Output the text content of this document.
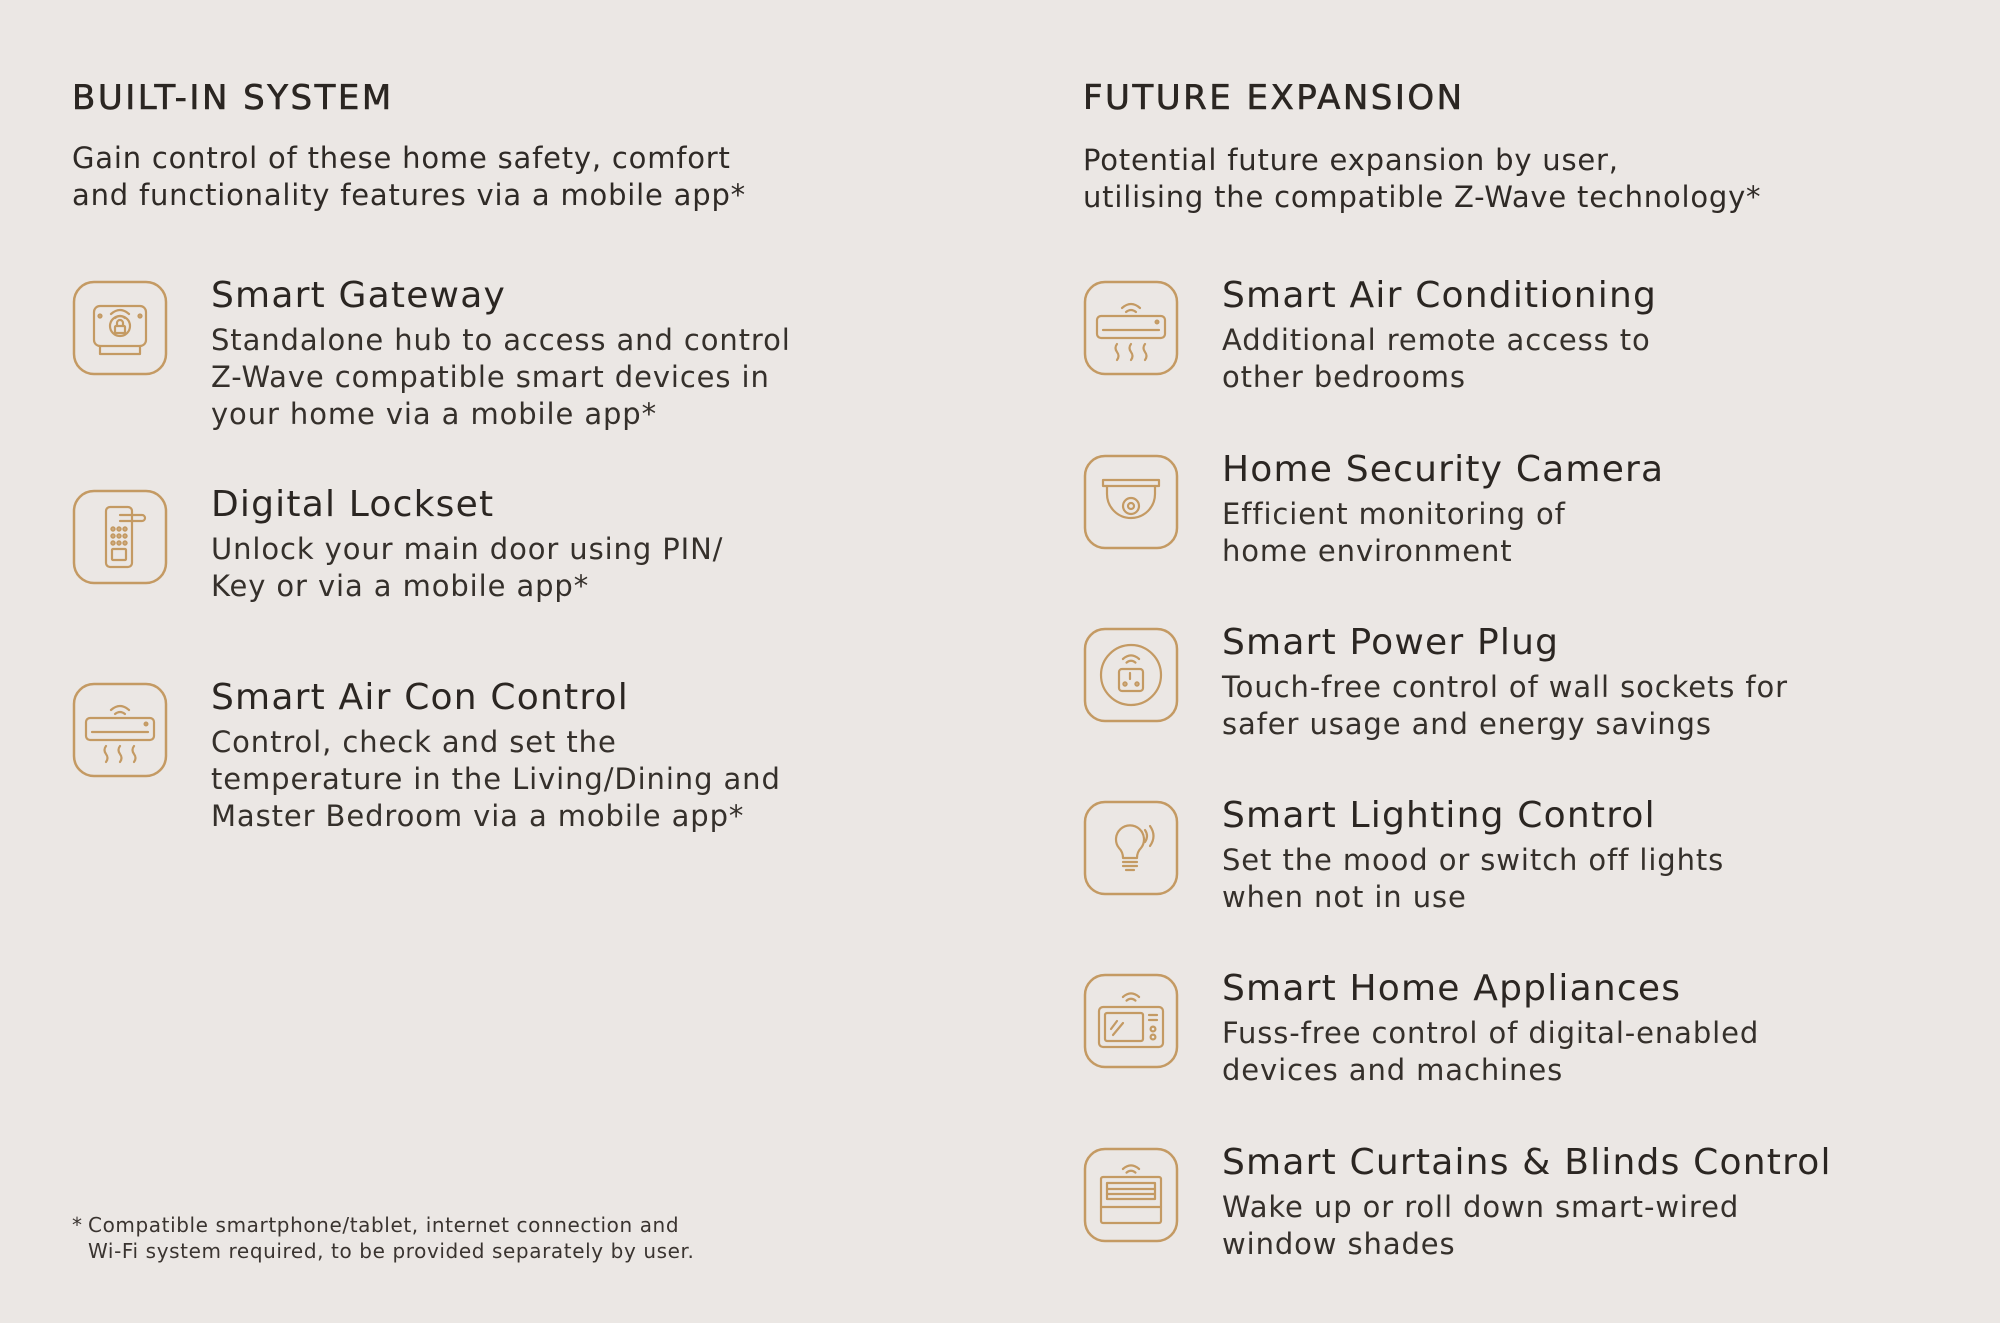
BUILT-IN SYSTEM
Gain control of these home safety, comfort
and functionality features via a mobile app*
Smart Gateway
Standalone hub to access and control
Z-Wave compatible smart devices in
your home via a mobile app*
Digital Lockset
Unlock your main door using PIN/
Key or via a mobile app*
Smart Air Con Control
Control, check and set the
temperature in the Living/Dining and
Master Bedroom via a mobile app*
FUTURE EXPANSION
Potential future expansion by user,
utilising the compatible Z-Wave technology*
Smart Air Conditioning
Additional remote access to
other bedrooms
Home Security Camera
Efficient monitoring of
home environment
Smart Power Plug
Touch-free control of wall sockets for
safer usage and energy savings
Smart Lighting Control
Set the mood or switch off lights
when not in use
Smart Home Appliances
Fuss-free control of digital-enabled
devices and machines
Smart Curtains & Blinds Control
Wake up or roll down smart-wired
window shades
* Compatible smartphone/tablet, internet connection and
Wi-Fi system required, to be provided separately by user.
